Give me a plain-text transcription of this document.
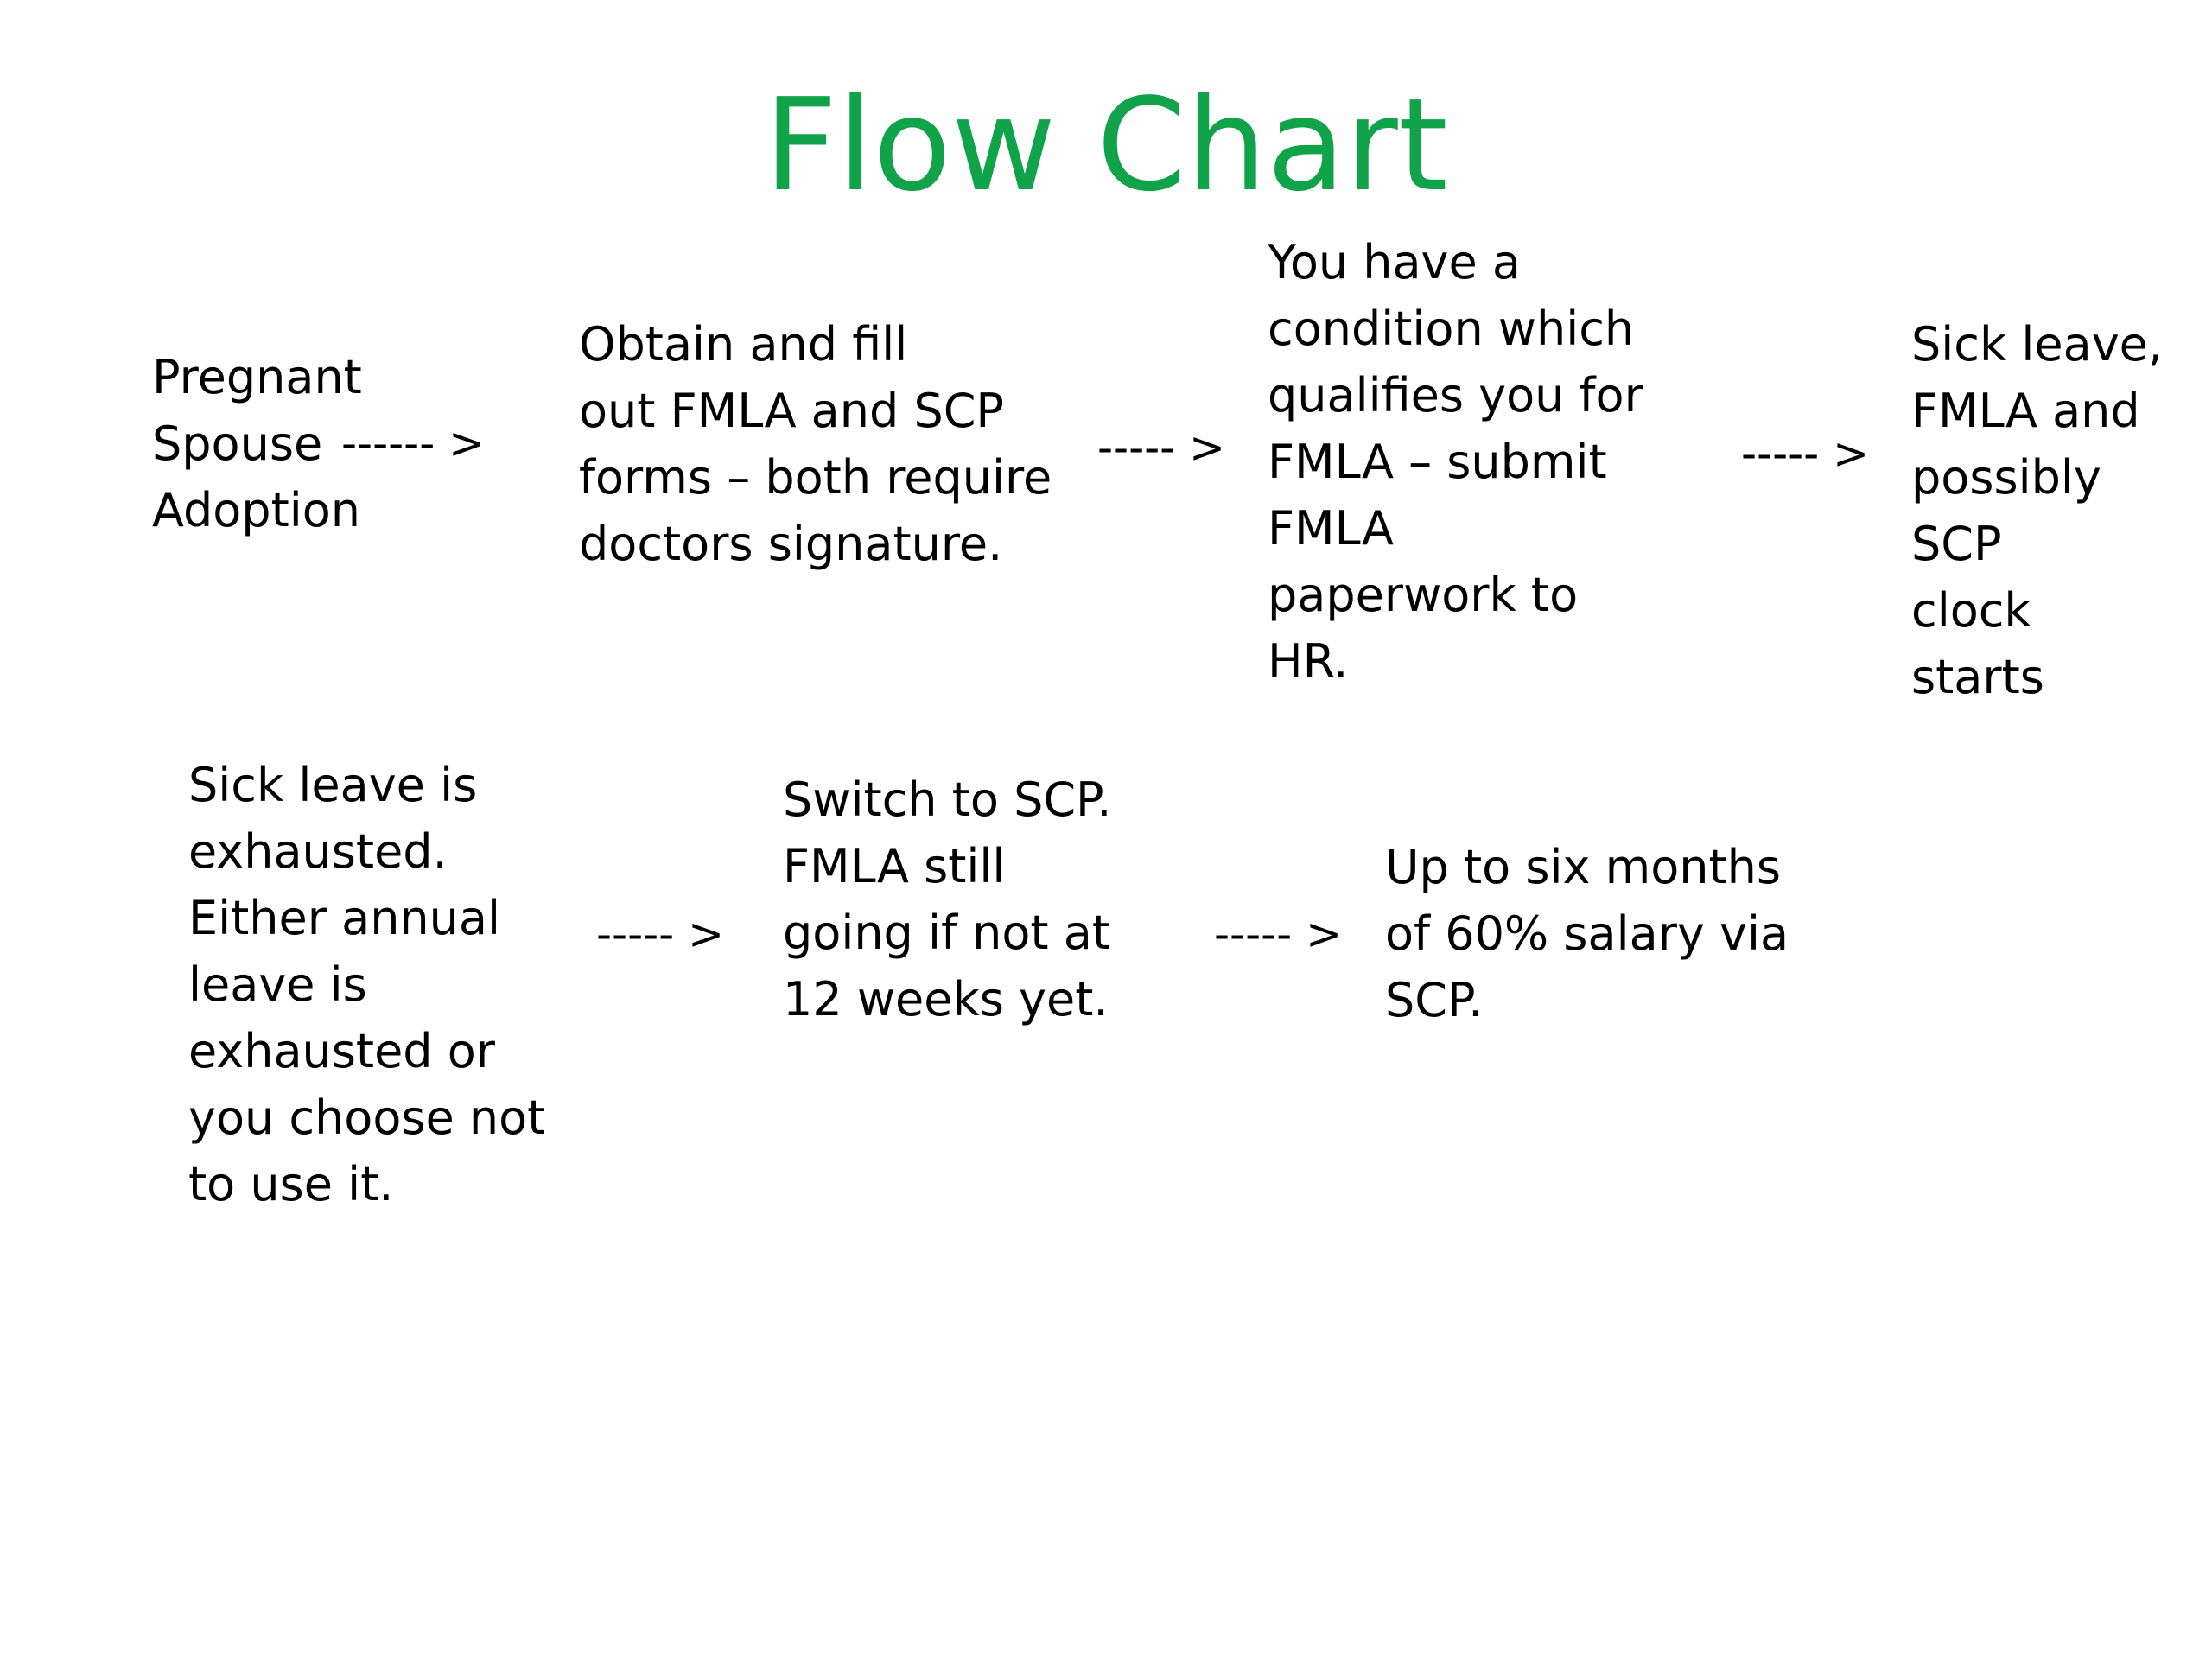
Flow Chart
Pregnant
Spouse
Adoption
------ >
Obtain and fill
out FMLA and SCP
forms – both require
doctors signature.
----- >
You have a
condition which
qualifies you for
FMLA – submit
FMLA
paperwork to
HR.
----- >
Sick leave,
FMLA and
possibly
SCP
clock
starts
Sick leave is
exhausted.
Either annual
leave is
exhausted or
you choose not
to use it.
----- >
Switch to SCP.
FMLA still
going if not at
12 weeks yet.
----- >
Up to six months
of 60% salary via
SCP.
